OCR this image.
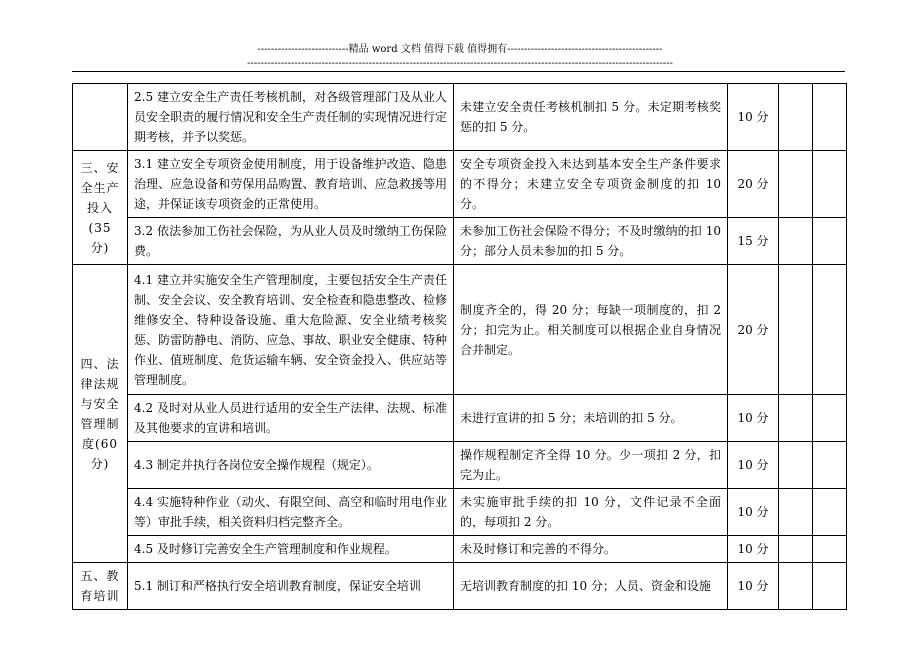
---------------------------精品 word 文档 值得下载 值得拥有----------------------------------------------
------------------------------------------------------------------------------------------------------------------------------
	2.5 建立安全生产责任考核机制，对各级管理部门及从业人员安全职责的履行情况和安全生产责任制的实现情况进行定期考核，并予以奖惩。	未建立安全责任考核机制扣 5 分。未定期考核奖惩的扣 5 分。	10 分		
三、安全生产投入(35 分)	3.1 建立安全专项资金使用制度，用于设备维护改造、隐患治理、应急设备和劳保用品购置、教育培训、应急救援等用途，并保证该专项资金的正常使用。	安全专项资金投入未达到基本安全生产条件要求的不得分；未建立安全专项资金制度的扣 10 分。	20 分		
	3.2 依法参加工伤社会保险，为从业人员及时缴纳工伤保险费。	未参加工伤社会保险不得分；不及时缴纳的扣 10 分；部分人员未参加的扣 5 分。	15 分		
四、法律法规与安全管理制度(60 分)	4.1 建立并实施安全生产管理制度，主要包括安全生产责任制、安全会议、安全教育培训、安全检查和隐患整改、检修维修安全、特种设备设施、重大危险源、安全业绩考核奖惩、防雷防静电、消防、应急、事故、职业安全健康、特种作业、值班制度、危货运输车辆、安全资金投入、供应站等管理制度。	制度齐全的，得 20 分；每缺一项制度的，扣 2 分；扣完为止。相关制度可以根据企业自身情况合并制定。	20 分		
	4.2 及时对从业人员进行适用的安全生产法律、法规、标准及其他要求的宣讲和培训。	未进行宣讲的扣 5 分；未培训的扣 5 分。	10 分		
	4.3 制定并执行各岗位安全操作规程（规定）。	操作规程制定齐全得 10 分。少一项扣 2 分，扣完为止。	10 分		
	4.4 实施特种作业（动火、有限空间、高空和临时用电作业等）审批手续，相关资料归档完整齐全。	未实施审批手续的扣 10 分，文件记录不全面的，每项扣 2 分。	10 分		
	4.5 及时修订完善安全生产管理制度和作业规程。	未及时修订和完善的不得分。	10 分		
五、教育培训	5.1 制订和严格执行安全培训教育制度，保证安全培训	无培训教育制度的扣 10 分；人员、资金和设施	10 分		
